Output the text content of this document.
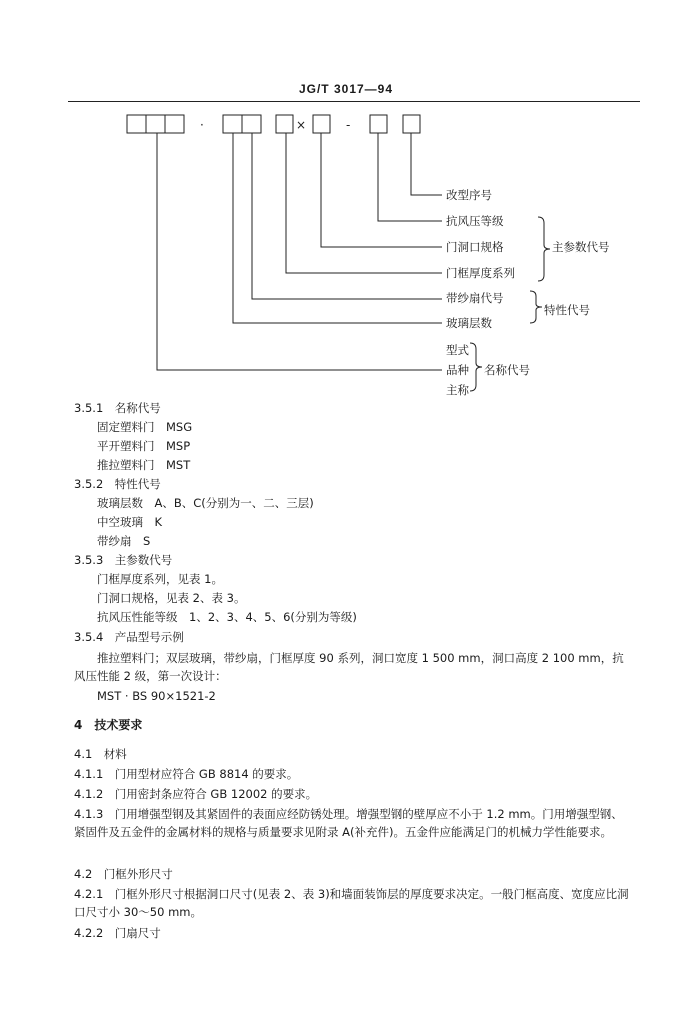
JG/T 3017—94
·	×	-
改型序号
抗风压等级
门洞口规格
门框厚度系列
带纱扇代号
玻璃层数
型式
品种
主称
主参数代号
特性代号
名称代号
3.5.1　名称代号
固定塑料门　MSG
平开塑料门　MSP
推拉塑料门　MST
3.5.2　特性代号
玻璃层数　A、B、C(分别为一、二、三层)
中空玻璃　K
带纱扇　S
3.5.3　主参数代号
门框厚度系列，见表 1。
门洞口规格，见表 2、表 3。
抗风压性能等级　1、2、3、4、5、6(分别为等级)
3.5.4　产品型号示例
推拉塑料门；双层玻璃，带纱扇，门框厚度 90 系列，洞口宽度 1 500 mm，洞口高度 2 100 mm，抗风压性能 2 级，第一次设计：
MST · BS 90×1521-2
4　技术要求
4.1　材料
4.1.1　门用型材应符合 GB 8814 的要求。
4.1.2　门用密封条应符合 GB 12002 的要求。
4.1.3　门用增强型钢及其紧固件的表面应经防锈处理。增强型钢的壁厚应不小于 1.2 mm。门用增强型钢、紧固件及五金件的金属材料的规格与质量要求见附录 A(补充件)。五金件应能满足门的机械力学性能要求。
4.2　门框外形尺寸
4.2.1　门框外形尺寸根据洞口尺寸(见表 2、表 3)和墙面装饰层的厚度要求决定。一般门框高度、宽度应比洞口尺寸小 30～50 mm。
4.2.2　门扇尺寸
